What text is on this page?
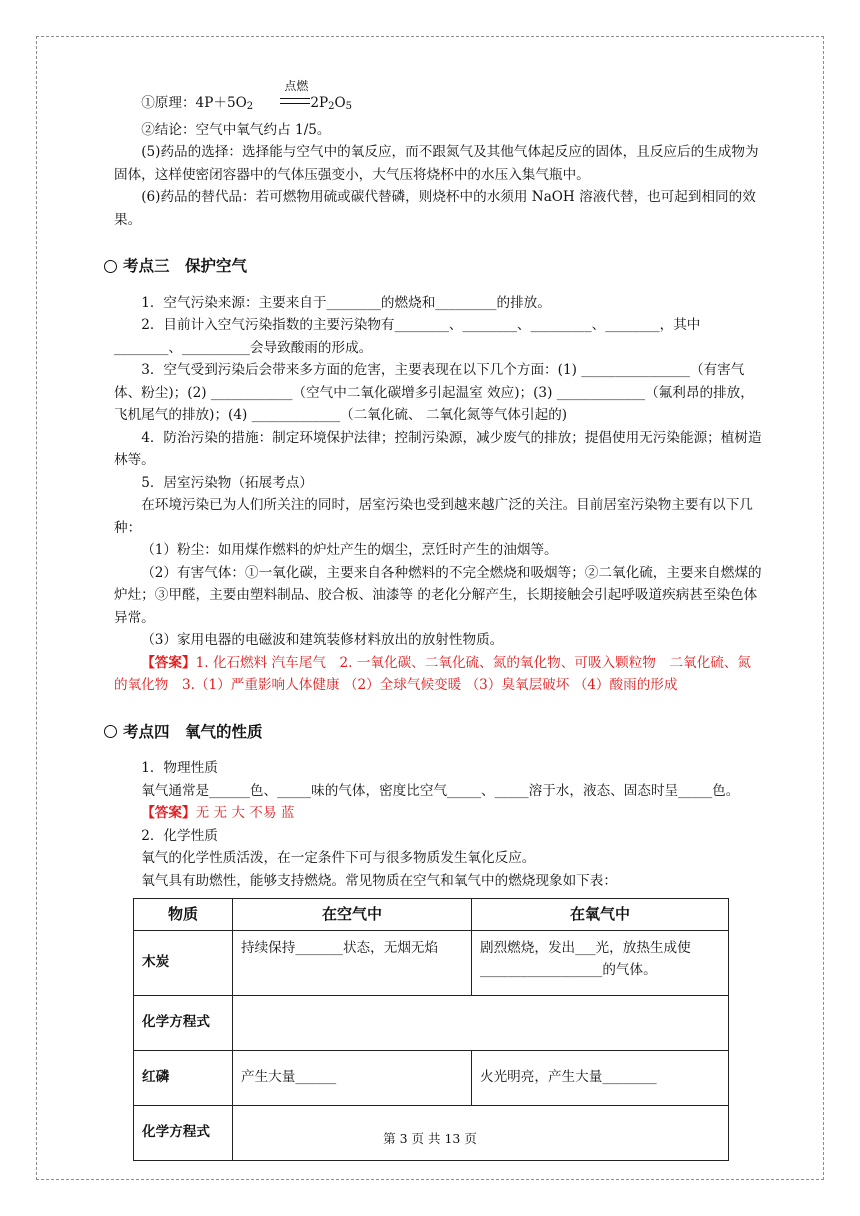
①原理：$4P+5O_2$
点燃
$2P_2O_5$

②结论：空气中氧气约占 1/5。

(5)药品的选择：选择能与空气中的氧反应，而不跟氮气及其他气体起反应的固体，且反应后的生成物为固体，这样使密闭容器中的气体压强变小，大气压将烧杯中的水压入集气瓶中。

(6)药品的替代品：若可燃物用硫或碳代替磷，则烧杯中的水须用 NaOH 溶液代替，也可起到相同的效果。

考点三　保护空气

1．空气污染来源：主要来自于________的燃烧和_________的排放。

2．目前计入空气污染指数的主要污染物有________、________、_________、________，其中________、__________会导致酸雨的形成。

3．空气受到污染后会带来多方面的危害，主要表现在以下几个方面：(1) ________________（有害气体、粉尘)；(2) ____________（空气中二氧化碳增多引起温室 效应)；(3) _____________（氟利昂的排放，飞机尾气的排放)；(4) _____________（二氧化硫、 二氧化氮等气体引起的)

4．防治污染的措施：制定环境保护法律；控制污染源，减少废气的排放；提倡使用无污染能源；植树造林等。

5．居室污染物（拓展考点）

在环境污染已为人们所关注的同时，居室污染也受到越来越广泛的关注。目前居室污染物主要有以下几种：

（1）粉尘：如用煤作燃料的炉灶产生的烟尘，烹饪时产生的油烟等。

（2）有害气体：①一氧化碳，主要来自各种燃料的不完全燃烧和吸烟等；②二氧化硫，主要来自燃煤的炉灶；③甲醛，主要由塑料制品、胶合板、油漆等 的老化分解产生，长期接触会引起呼吸道疾病甚至染色体异常。

（3）家用电器的电磁波和建筑装修材料放出的放射性物质。

【答案】1. 化石燃料 汽车尾气　2. 一氧化碳、二氧化硫、氮的氧化物、可吸入颗粒物　二氧化硫、氮的氧化物　3.（1）严重影响人体健康 （2）全球气候变暖 （3）臭氧层破坏 （4）酸雨的形成

考点四　氧气的性质

1．物理性质

氧气通常是______色、_____味的气体，密度比空气_____、_____溶于水，液态、固态时呈_____色。

【答案】无 无 大 不易 蓝

2．化学性质

氧气的化学性质活泼，在一定条件下可与很多物质发生氧化反应。

氧气具有助燃性，能够支持燃烧。常见物质在空气和氧气中的燃烧现象如下表：

物质	在空气中	在氧气中
木炭	持续保持_______状态，无烟无焰	剧烈燃烧，发出___光，放热生成使__________________的气体。
化学方程式		
红磷	产生大量______	火光明亮，产生大量________
化学方程式			第 3 页 共 13 页
